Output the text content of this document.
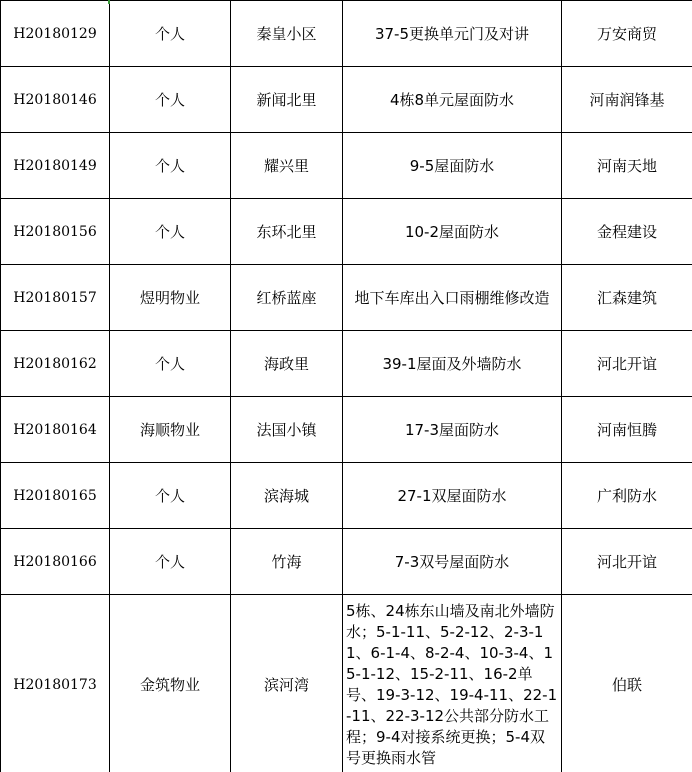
H20180129	个人	秦皇小区	37-5更换单元门及对讲	万安商贸
H20180146	个人	新闻北里	4栋8单元屋面防水	河南润锋基
H20180149	个人	耀兴里	9-5屋面防水	河南天地
H20180156	个人	东环北里	10-2屋面防水	金程建设
H20180157	煜明物业	红桥蓝座	地下车库出入口雨棚维修改造	汇森建筑
H20180162	个人	海政里	39-1屋面及外墙防水	河北开谊
H20180164	海顺物业	法国小镇	17-3屋面防水	河南恒腾
H20180165	个人	滨海城	27-1双屋面防水	广利防水
H20180166	个人	竹海	7-3双号屋面防水	河北开谊
H20180173	金筑物业	滨河湾	5栋、24栋东山墙及南北外墙防水；5-1-11、5-2-12、2-3-11、6-1-4、8-2-4、10-3-4、15-1-12、15-2-11、16-2单号、19-3-12、19-4-11、22-1-11、22-3-12公共部分防水工程；9-4对接系统更换；5-4双号更换雨水管	伯联
